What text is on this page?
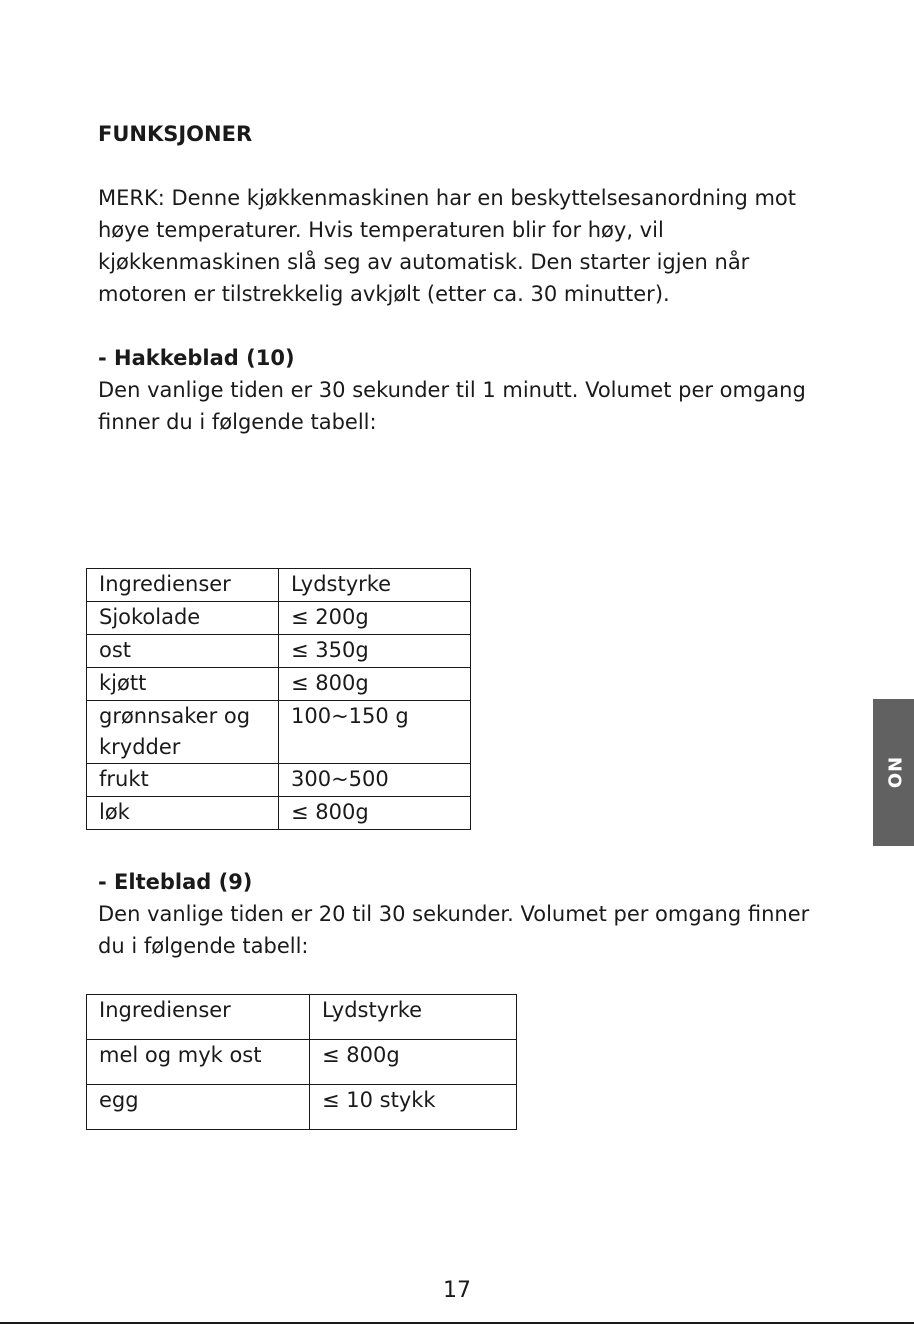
FUNKSJONER

MERK: Denne kjøkkenmaskinen har en beskyttelsesanordning mot
høye temperaturer. Hvis temperaturen blir for høy, vil
kjøkkenmaskinen slå seg av automatisk. Den starter igjen når
motoren er tilstrekkelig avkjølt (etter ca. 30 minutter).

- Hakkeblad (10)
Den vanlige tiden er 30 sekunder til 1 minutt. Volumet per omgang
finner du i følgende tabell:

Ingredienser	Lydstyrke
Sjokolade	≤ 200g
ost	≤ 350g
kjøtt	≤ 800g
grønnsaker og krydder	100~150 g
frukt	300~500
løk	≤ 800g

- Elteblad (9)
Den vanlige tiden er 20 til 30 sekunder. Volumet per omgang finner
du i følgende tabell:

Ingredienser	Lydstyrke
mel og myk ost	≤ 800g
egg	≤ 10 stykk
NO
17
